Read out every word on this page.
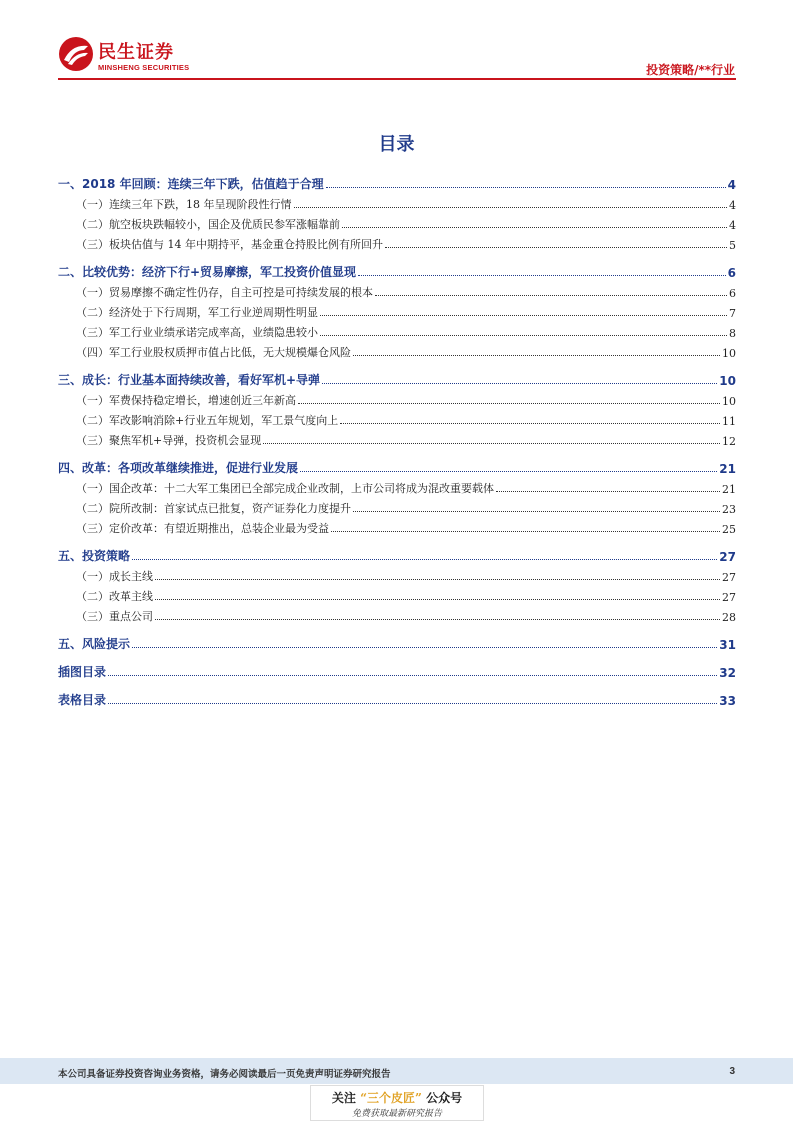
民生证券
MINSHENG SECURITIES	投资策略/**行业
目录
一、2018 年回顾：连续三年下跌，估值趋于合理	4
（一）连续三年下跌，18 年呈现阶段性行情	4
（二）航空板块跌幅较小，国企及优质民参军涨幅靠前	4
（三）板块估值与 14 年中期持平，基金重仓持股比例有所回升	5
二、比较优势：经济下行+贸易摩擦，军工投资价值显现	6
（一）贸易摩擦不确定性仍存，自主可控是可持续发展的根本	6
（二）经济处于下行周期，军工行业逆周期性明显	7
（三）军工行业业绩承诺完成率高，业绩隐患较小	8
（四）军工行业股权质押市值占比低，无大规模爆仓风险	10
三、成长：行业基本面持续改善，看好军机+导弹	10
（一）军费保持稳定增长，增速创近三年新高	10
（二）军改影响消除+行业五年规划，军工景气度向上	11
（三）聚焦军机+导弹，投资机会显现	12
四、改革：各项改革继续推进，促进行业发展	21
（一）国企改革：十二大军工集团已全部完成企业改制，上市公司将成为混改重要载体	21
（二）院所改制：首家试点已批复，资产证券化力度提升	23
（三）定价改革：有望近期推出，总装企业最为受益	25
五、投资策略	27
（一）成长主线	27
（二）改革主线	27
（三）重点公司	28
五、风险提示	31
插图目录	32
表格目录	33
本公司具备证券投资咨询业务资格，请务必阅读最后一页免责声明证券研究报告	3
关注 “三个皮匠” 公众号
免费获取最新研究报告
